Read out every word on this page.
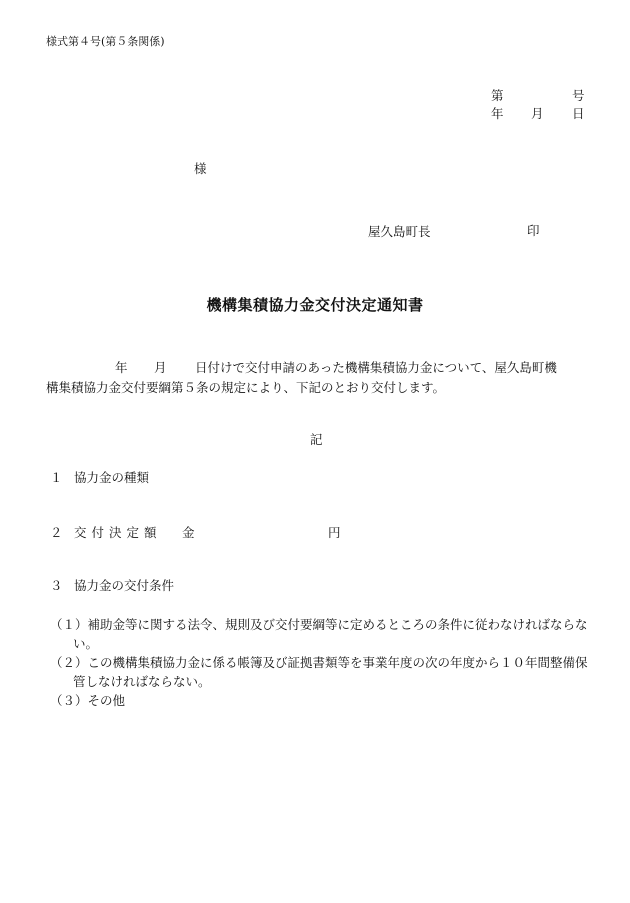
様式第４号(第５条関係)
第	号
年 月 日
様
屋久島町長	印
機構集積協力金交付決定通知書
年 月 日付けで交付申請のあった機構集積協力金について、屋久島町機
構集積協力金交付要綱第５条の規定により、下記のとおり交付します。
記
１ 協力金の種類
２ 交付決定額 金	円
３ 協力金の交付条件
（１）補助金等に関する法令、規則及び交付要綱等に定めるところの条件に従わなければならない。
（２）この機構集積協力金に係る帳簿及び証拠書類等を事業年度の次の年度から１０年間整備保管しなければならない。
（３）その他
